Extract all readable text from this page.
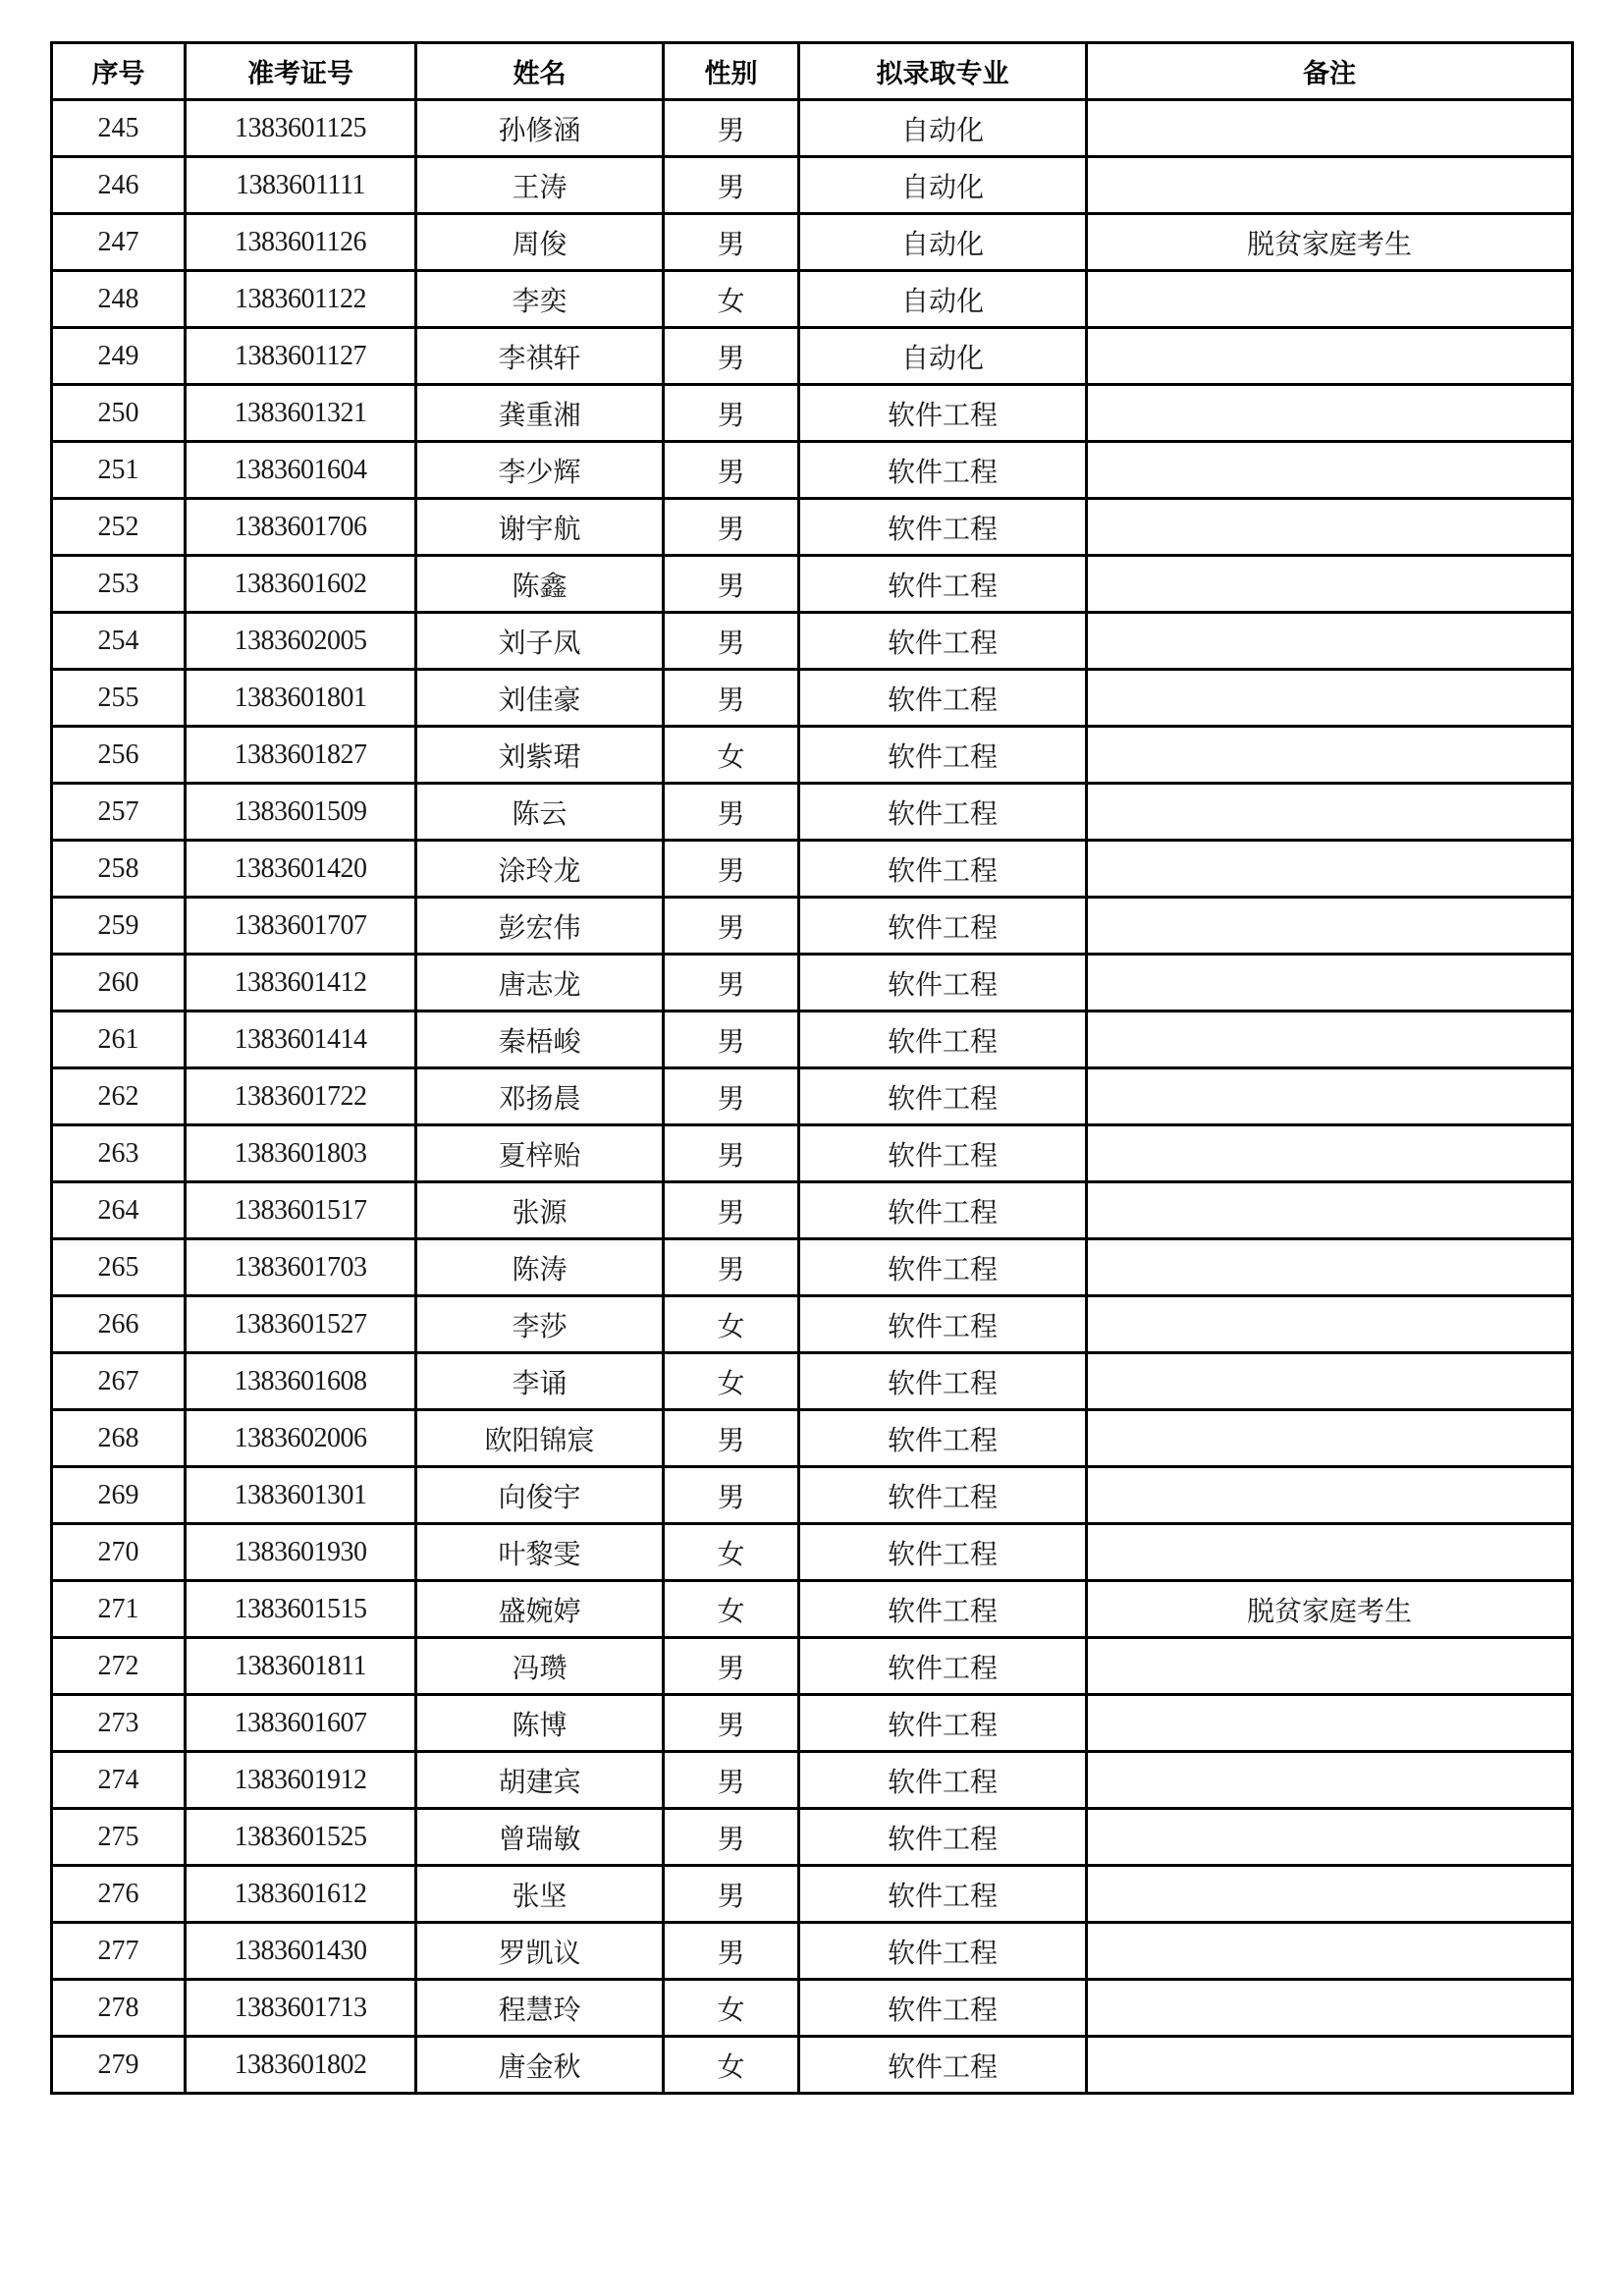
序号	准考证号	姓名	性别	拟录取专业	备注
245	1383601125	孙修涵	男	自动化	
246	1383601111	王涛	男	自动化	
247	1383601126	周俊	男	自动化	脱贫家庭考生
248	1383601122	李奕	女	自动化	
249	1383601127	李祺轩	男	自动化	
250	1383601321	龚重湘	男	软件工程	
251	1383601604	李少辉	男	软件工程	
252	1383601706	谢宇航	男	软件工程	
253	1383601602	陈鑫	男	软件工程	
254	1383602005	刘子凤	男	软件工程	
255	1383601801	刘佳豪	男	软件工程	
256	1383601827	刘紫珺	女	软件工程	
257	1383601509	陈云	男	软件工程	
258	1383601420	涂玲龙	男	软件工程	
259	1383601707	彭宏伟	男	软件工程	
260	1383601412	唐志龙	男	软件工程	
261	1383601414	秦梧峻	男	软件工程	
262	1383601722	邓扬晨	男	软件工程	
263	1383601803	夏梓贻	男	软件工程	
264	1383601517	张源	男	软件工程	
265	1383601703	陈涛	男	软件工程	
266	1383601527	李莎	女	软件工程	
267	1383601608	李诵	女	软件工程	
268	1383602006	欧阳锦宸	男	软件工程	
269	1383601301	向俊宇	男	软件工程	
270	1383601930	叶黎雯	女	软件工程	
271	1383601515	盛婉婷	女	软件工程	脱贫家庭考生
272	1383601811	冯瓒	男	软件工程	
273	1383601607	陈博	男	软件工程	
274	1383601912	胡建宾	男	软件工程	
275	1383601525	曾瑞敏	男	软件工程	
276	1383601612	张坚	男	软件工程	
277	1383601430	罗凯议	男	软件工程	
278	1383601713	程慧玲	女	软件工程	
279	1383601802	唐金秋	女	软件工程	
